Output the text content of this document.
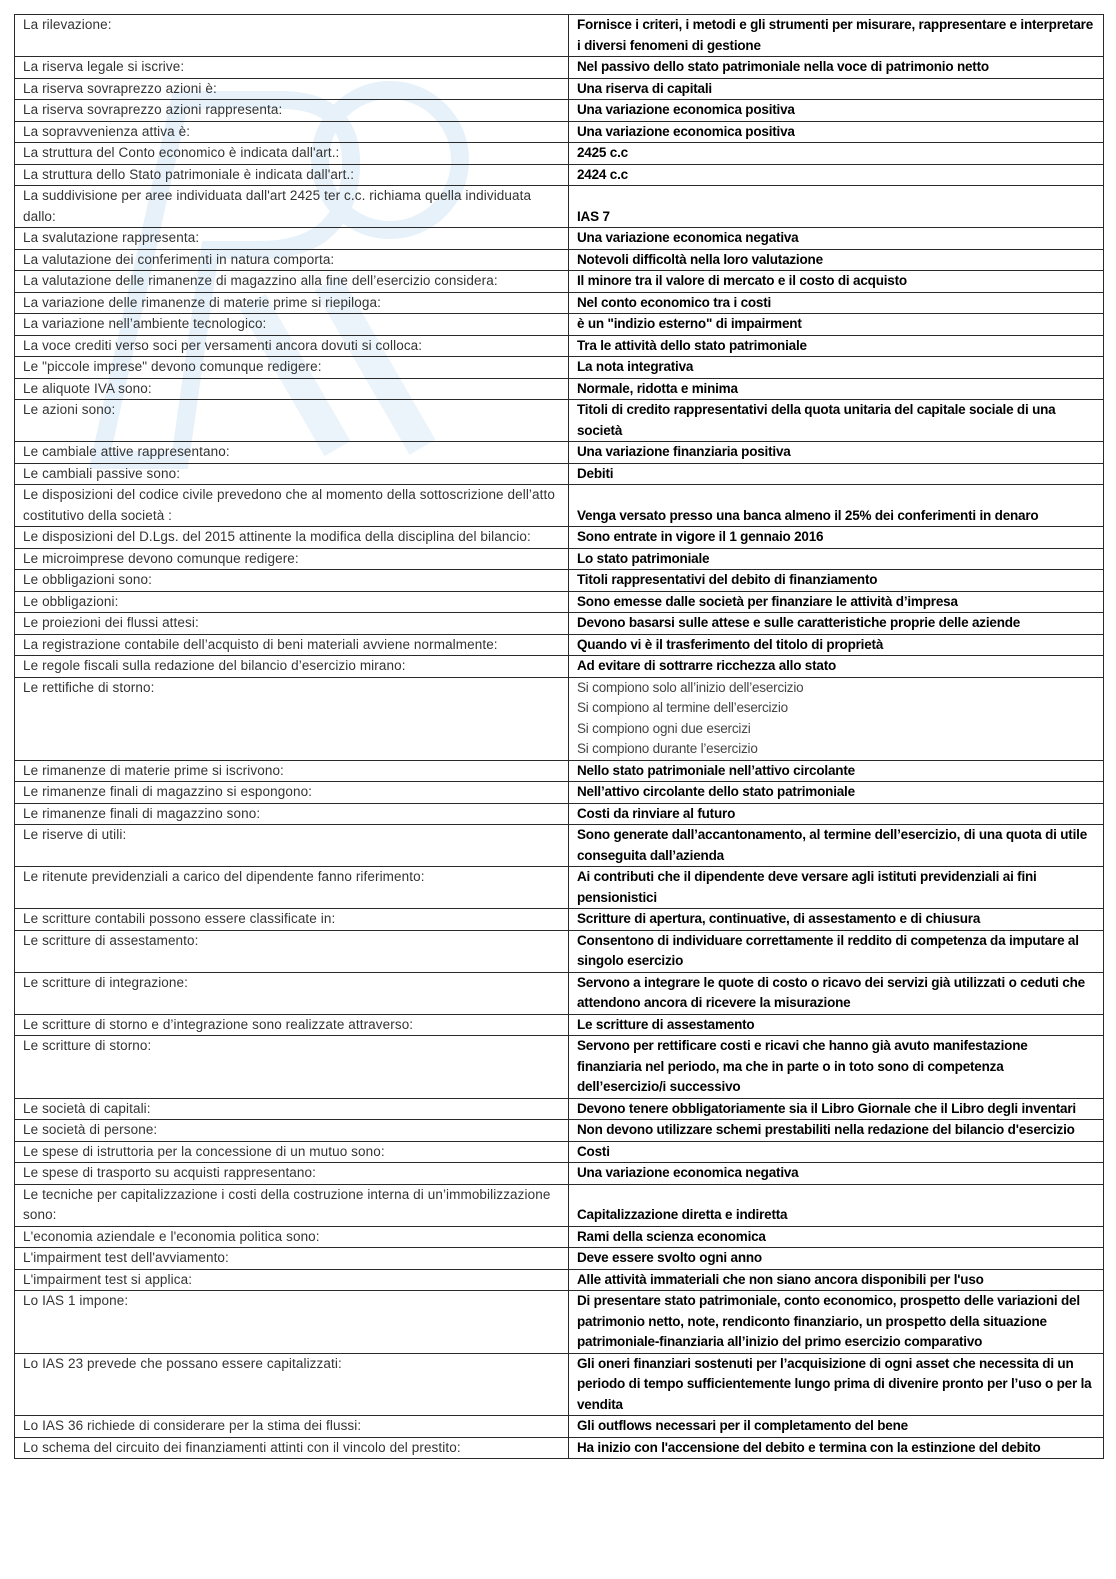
La rilevazione:	Fornisce i criteri, i metodi e gli strumenti per misurare, rappresentare e interpretare i diversi fenomeni di gestione
La riserva legale si iscrive:	Nel passivo dello stato patrimoniale nella voce di patrimonio netto
La riserva sovraprezzo azioni è:	Una riserva di capitali
La riserva sovraprezzo azioni rappresenta:	Una variazione economica positiva
La sopravvenienza attiva è:	Una variazione economica positiva
La struttura del Conto economico è indicata dall'art.:	2425 c.c
La struttura dello Stato patrimoniale è indicata dall'art.:	2424 c.c
La suddivisione per aree individuata dall'art 2425 ter c.c. richiama quella individuata dallo:	IAS 7
La svalutazione rappresenta:	Una variazione economica negativa
La valutazione dei conferimenti in natura comporta:	Notevoli difficoltà nella loro valutazione
La valutazione delle rimanenze di magazzino alla fine dell’esercizio considera:	Il minore tra il valore di mercato e il costo di acquisto
La variazione delle rimanenze di materie prime si riepiloga:	Nel conto economico tra i costi
La variazione nell’ambiente tecnologico:	è un "indizio esterno" di impairment
La voce crediti verso soci per versamenti ancora dovuti si colloca:	Tra le attività dello stato patrimoniale
Le "piccole imprese" devono comunque redigere:	La nota integrativa
Le aliquote IVA sono:	Normale, ridotta e minima
Le azioni sono:	Titoli di credito rappresentativi della quota unitaria del capitale sociale di una società
Le cambiale attive rappresentano:	Una variazione finanziaria positiva
Le cambiali passive sono:	Debiti
Le disposizioni del codice civile prevedono che al momento della sottoscrizione dell’atto costitutivo della società :	Venga versato presso una banca almeno il 25% dei conferimenti in denaro
Le disposizioni del D.Lgs. del 2015 attinente la modifica della disciplina del bilancio:	Sono entrate in vigore il 1 gennaio 2016
Le microimprese devono comunque redigere:	Lo stato patrimoniale
Le obbligazioni sono:	Titoli rappresentativi del debito di finanziamento
Le obbligazioni:	Sono emesse dalle società per finanziare le attività d’impresa
Le proiezioni dei flussi attesi:	Devono basarsi sulle attese e sulle caratteristiche proprie delle aziende
La registrazione contabile dell’acquisto di beni materiali avviene normalmente:	Quando vi è il trasferimento del titolo di proprietà
Le regole fiscali sulla redazione del bilancio d’esercizio mirano:	Ad evitare di sottrarre ricchezza allo stato
Le rettifiche di storno:	Si compiono solo all’inizio dell’esercizio
Si compiono al termine dell’esercizio
Si compiono ogni due esercizi
Si compiono durante l’esercizio

Le rimanenze di materie prime si iscrivono:	Nello stato patrimoniale nell’attivo circolante
Le rimanenze finali di magazzino si espongono:	Nell’attivo circolante dello stato patrimoniale
Le rimanenze finali di magazzino sono:	Costi da rinviare al futuro
Le riserve di utili:	Sono generate dall’accantonamento, al termine dell’esercizio, di una quota di utile conseguita dall’azienda
Le ritenute previdenziali a carico del dipendente fanno riferimento:	Ai contributi che il dipendente deve versare agli istituti previdenziali ai fini pensionistici
Le scritture contabili possono essere classificate in:	Scritture di apertura, continuative, di assestamento e di chiusura
Le scritture di assestamento:	Consentono di individuare correttamente il reddito di competenza da imputare al singolo esercizio
Le scritture di integrazione:	Servono a integrare le quote di costo o ricavo dei servizi già utilizzati o ceduti che attendono ancora di ricevere la misurazione
Le scritture di storno e d’integrazione sono realizzate attraverso:	Le scritture di assestamento
Le scritture di storno:	Servono per rettificare costi e ricavi che hanno già avuto manifestazione finanziaria nel periodo, ma che in parte o in toto sono di competenza dell’esercizio/i successivo
Le società di capitali:	Devono tenere obbligatoriamente sia il Libro Giornale che il Libro degli inventari
Le società di persone:	Non devono utilizzare schemi prestabiliti nella redazione del bilancio d'esercizio
Le spese di istruttoria per la concessione di un mutuo sono:	Costi
Le spese di trasporto su acquisti rappresentano:	Una variazione economica negativa
Le tecniche per capitalizzazione i costi della costruzione interna di un’immobilizzazione sono:	Capitalizzazione diretta e indiretta
L'economia aziendale e l'economia politica sono:	Rami della scienza economica
L'impairment test dell'avviamento:	Deve essere svolto ogni anno
L'impairment test si applica:	Alle attività immateriali che non siano ancora disponibili per l'uso
Lo IAS 1 impone:	Di presentare stato patrimoniale, conto economico, prospetto delle variazioni del patrimonio netto, note, rendiconto finanziario, un prospetto della situazione patrimoniale-finanziaria all’inizio del primo esercizio comparativo
Lo IAS 23 prevede che possano essere capitalizzati:	Gli oneri finanziari sostenuti per l’acquisizione di ogni asset che necessita di un periodo di tempo sufficientemente lungo prima di divenire pronto per l’uso o per la vendita
Lo IAS 36 richiede di considerare per la stima dei flussi:	Gli outflows necessari per il completamento del bene
Lo schema del circuito dei finanziamenti attinti con il vincolo del prestito:	Ha inizio con l'accensione del debito e termina con la estinzione del debito
